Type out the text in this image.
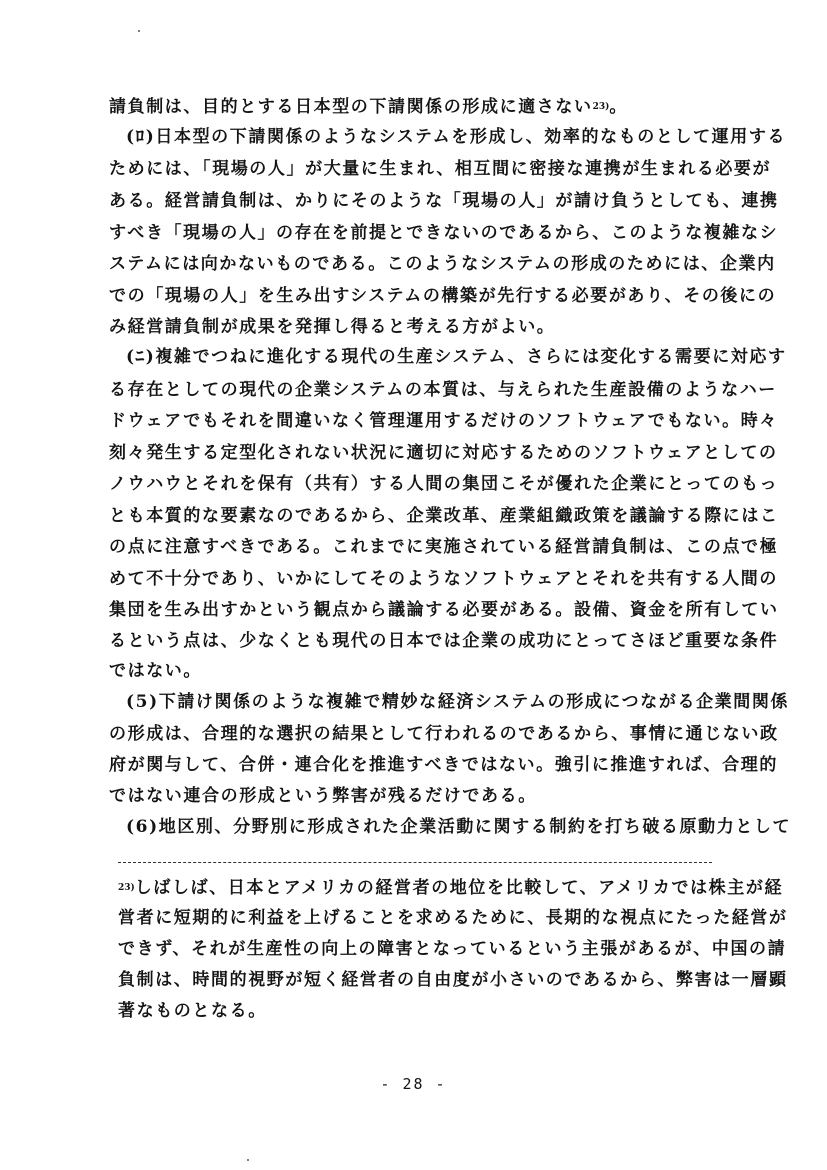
請負制は、目的とする日本型の下請関係の形成に適さない$^{23)}$。
(ﾛ)日本型の下請関係のようなシステムを形成し、効率的なものとして運用する
ためには、「現場の人」が大量に生まれ、相互間に密接な連携が生まれる必要が
ある。経営請負制は、かりにそのような「現場の人」が請け負うとしても、連携
すべき「現場の人」の存在を前提とできないのであるから、このような複雑なシ
ステムには向かないものである。このようなシステムの形成のためには、企業内
での「現場の人」を生み出すシステムの構築が先行する必要があり、その後にの
み経営請負制が成果を発揮し得ると考える方がよい。
(ﾆ)複雑でつねに進化する現代の生産システム、さらには変化する需要に対応す
る存在としての現代の企業システムの本質は、与えられた生産設備のようなハー
ドウェアでもそれを間違いなく管理運用するだけのソフトウェアでもない。時々
刻々発生する定型化されない状況に適切に対応するためのソフトウェアとしての
ノウハウとそれを保有（共有）する人間の集団こそが優れた企業にとってのもっ
とも本質的な要素なのであるから、企業改革、産業組織政策を議論する際にはこ
の点に注意すべきである。これまでに実施されている経営請負制は、この点で極
めて不十分であり、いかにしてそのようなソフトウェアとそれを共有する人間の
集団を生み出すかという観点から議論する必要がある。設備、資金を所有してい
るという点は、少なくとも現代の日本では企業の成功にとってさほど重要な条件
ではない。
(5)下請け関係のような複雑で精妙な経済システムの形成につながる企業間関係
の形成は、合理的な選択の結果として行われるのであるから、事情に通じない政
府が関与して、合併・連合化を推進すべきではない。強引に推進すれば、合理的
ではない連合の形成という弊害が残るだけである。
(6)地区別、分野別に形成された企業活動に関する制約を打ち破る原動力として
$^{23)}$しばしば、日本とアメリカの経営者の地位を比較して、アメリカでは株主が経
営者に短期的に利益を上げることを求めるために、長期的な視点にたった経営が
できず、それが生産性の向上の障害となっているという主張があるが、中国の請
負制は、時間的視野が短く経営者の自由度が小さいのであるから、弊害は一層顕
著なものとなる。
- 28 -
